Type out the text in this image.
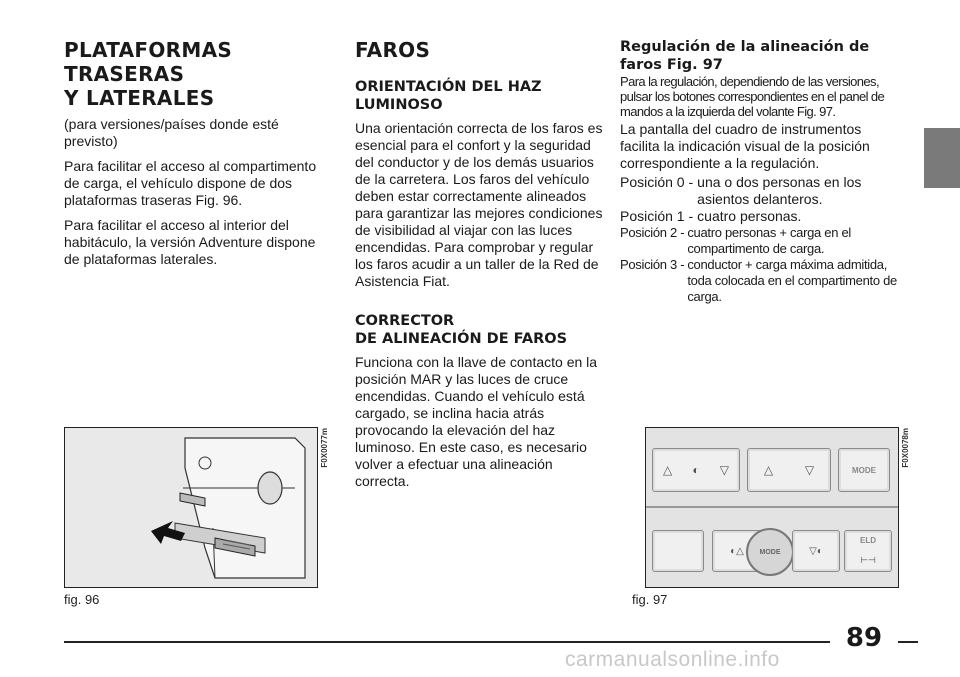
PLATAFORMAS
TRASERAS
Y LATERALES

(para versiones/países donde esté previsto)

Para facilitar el acceso al compartimento de carga, el vehículo dispone de dos plataformas traseras Fig. 96.

Para facilitar el acceso al interior del habitáculo, la versión Adventure dispone de plataformas laterales.

FAROS
ORIENTACIÓN DEL HAZ
LUMINOSO

Una orientación correcta de los faros es esencial para el confort y la seguridad del conductor y de los demás usuarios de la carretera. Los faros del vehículo deben estar correctamente alineados para garantizar las mejores condiciones de visibilidad al viajar con las luces encendidas. Para comprobar y regular los faros acudir a un taller de la Red de Asistencia Fiat.

CORRECTOR
DE ALINEACIÓN DE FAROS

Funciona con la llave de contacto en la posición MAR y las luces de cruce encendidas. Cuando el vehículo está cargado, se inclina hacia atrás provocando la elevación del haz luminoso. En este caso, es necesario volver a efectuar una alineación correcta.

Regulación de la alineación de
faros Fig. 97

Para la regulación, dependiendo de las versiones, pulsar los botones correspondientes en el panel de mandos a la izquierda del volante Fig. 97.

La pantalla del cuadro de instrumentos facilita la indicación visual de la posición correspondiente a la regulación.

Posición 0 - una o dos personas en los asientos delanteros.
Posición 1 - cuatro personas.
Posición 2 - cuatro personas + carga en el compartimento de carga.
Posición 3 - conductor + carga máxima admitida, toda colocada en el compartimento de carga.
F0X0077m
fig. 96
△ ◐ ▽	△	▽	MODE
◐△ MODE	▽◐
ELD
⊢⊣
F0X0078m
fig. 97
89
carmanualsonline.info
